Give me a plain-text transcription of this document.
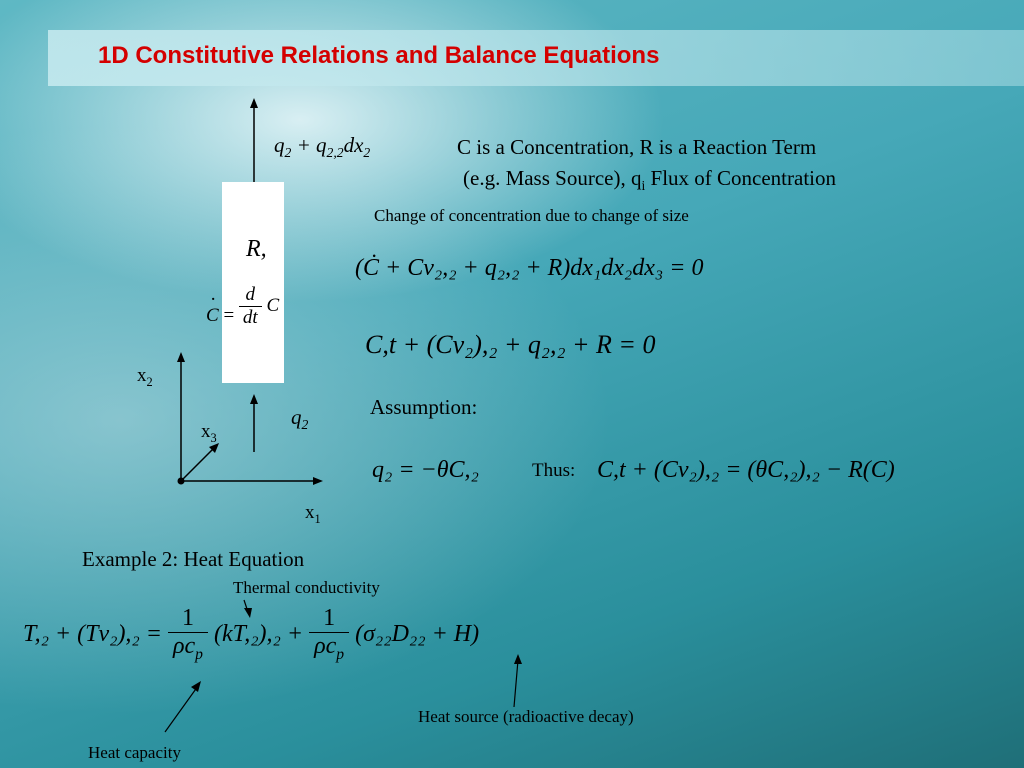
1D Constitutive Relations and Balance Equations
C is a Concentration, R is a Reaction Term
(e.g. Mass Source), $q_i$ Flux of Concentration
Change of concentration due to change of size
$q_2 + q_{2,2}dx_2$
$q_2$
R,
·
$C = \frac{d}{dt}$ C
$x_2$
$x_3$
$x_1$
(Ċ + Cv₂,₂ + q₂,₂ + R)dx₁dx₂dx₃ = 0
C,t + (Cv₂),₂ + q₂,₂ + R = 0
Assumption:
q₂ = −θC,₂	Thus: C,t + (Cv₂),₂ = (θC,₂),₂ − R(C)
Example 2: Heat Equation
Thermal conductivity
$T,_2 + (Tv_2),_2 = \frac{1}{\rho c_p} (kT,_2),_2 + \frac{1}{\rho c_p} (\sigma_{22}D_{22} + H)$
Heat source (radioactive decay)
Heat capacity
